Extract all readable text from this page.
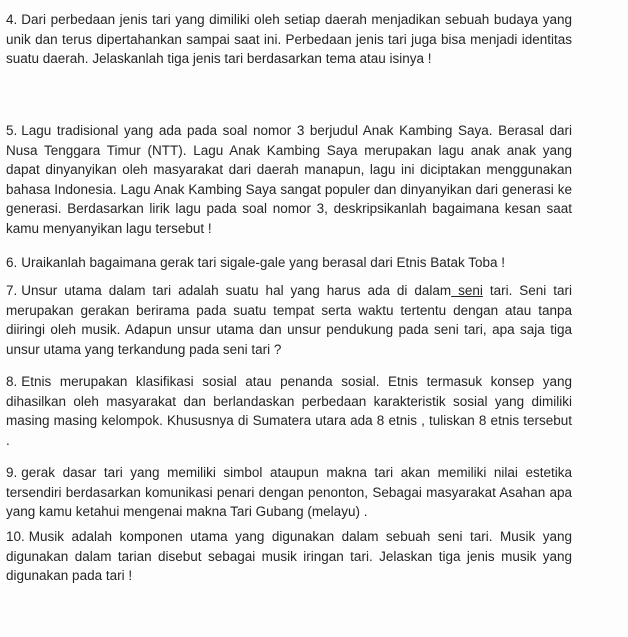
4. Dari perbedaan jenis tari yang dimiliki oleh setiap daerah menjadikan sebuah budaya yang unik dan terus dipertahankan sampai saat ini. Perbedaan jenis tari juga bisa menjadi identitas suatu daerah. Jelaskanlah tiga jenis tari berdasarkan tema atau isinya !

5. Lagu tradisional yang ada pada soal nomor 3 berjudul Anak Kambing Saya. Berasal dari Nusa Tenggara Timur (NTT). Lagu Anak Kambing Saya merupakan lagu anak anak yang dapat dinyanyikan oleh masyarakat dari daerah manapun, lagu ini diciptakan menggunakan bahasa Indonesia. Lagu Anak Kambing Saya sangat populer dan dinyanyikan dari generasi ke generasi. Berdasarkan lirik lagu pada soal nomor 3, deskripsikanlah bagaimana kesan saat kamu menyanyikan lagu tersebut !

6. Uraikanlah bagaimana gerak tari sigale-gale yang berasal dari Etnis Batak Toba !

7. Unsur utama dalam tari adalah suatu hal yang harus ada di dalam seni tari. Seni tari merupakan gerakan berirama pada suatu tempat serta waktu tertentu dengan atau tanpa diiringi oleh musik. Adapun unsur utama dan unsur pendukung pada seni tari, apa saja tiga unsur utama yang terkandung pada seni tari ?

8. Etnis merupakan klasifikasi sosial atau penanda sosial. Etnis termasuk konsep yang dihasilkan oleh masyarakat dan berlandaskan perbedaan karakteristik sosial yang dimiliki masing masing kelompok. Khususnya di Sumatera utara ada 8 etnis , tuliskan 8 etnis tersebut .

9. gerak dasar tari yang memiliki simbol ataupun makna tari akan memiliki nilai estetika tersendiri berdasarkan komunikasi penari dengan penonton, Sebagai masyarakat Asahan apa yang kamu ketahui mengenai makna Tari Gubang (melayu) .

10. Musik adalah komponen utama yang digunakan dalam sebuah seni tari. Musik yang digunakan dalam tarian disebut sebagai musik iringan tari. Jelaskan tiga jenis musik yang digunakan pada tari !
